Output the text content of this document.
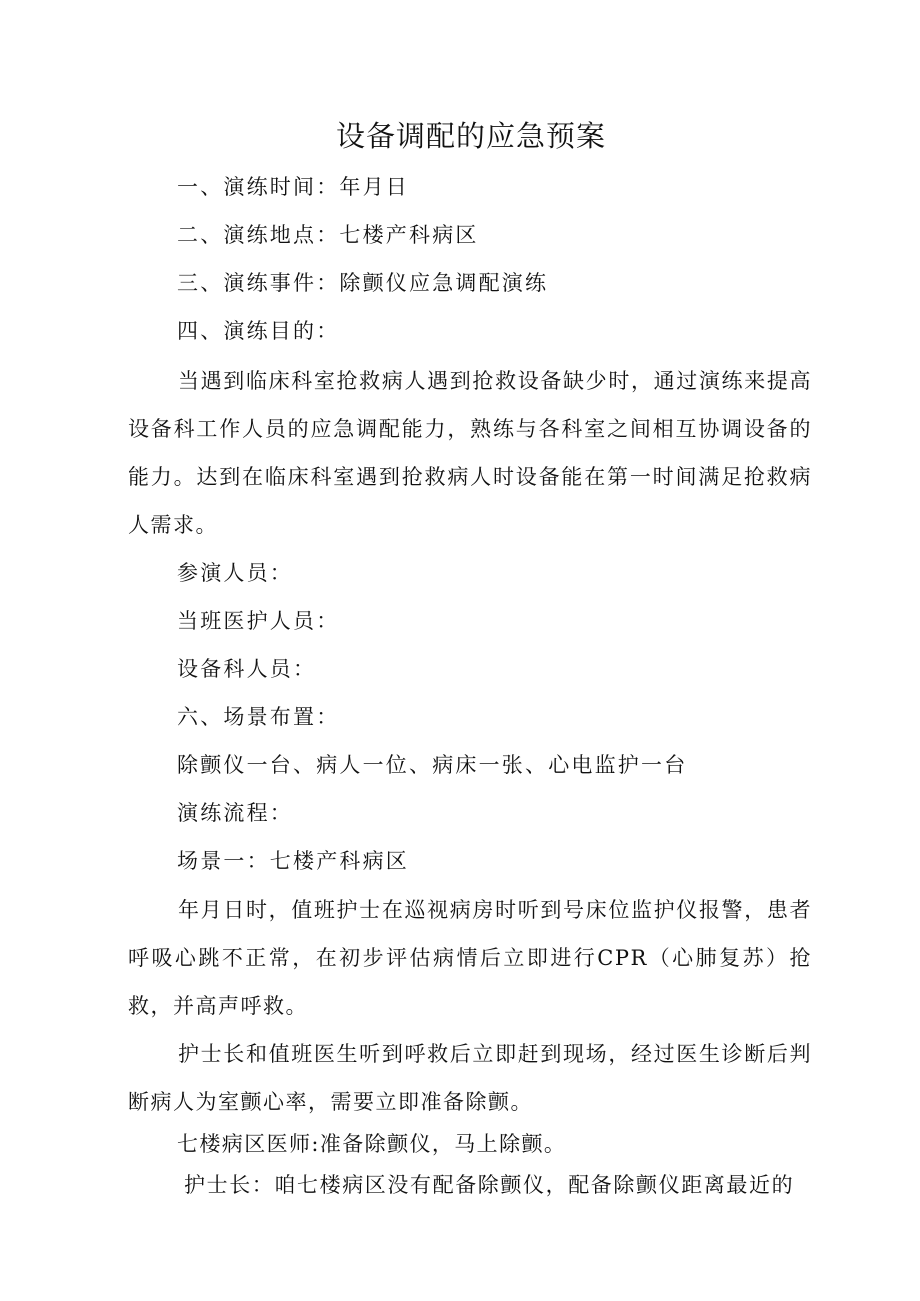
设备调配的应急预案

一、演练时间：年月日

二、演练地点：七楼产科病区

三、演练事件：除颤仪应急调配演练

四、演练目的：

当遇到临床科室抢救病人遇到抢救设备缺少时，通过演练来提高设备科工作人员的应急调配能力，熟练与各科室之间相互协调设备的能力。达到在临床科室遇到抢救病人时设备能在第一时间满足抢救病人需求。

参演人员：

当班医护人员：

设备科人员：

六、场景布置：

除颤仪一台、病人一位、病床一张、心电监护一台

演练流程：

场景一：七楼产科病区

年月日时，值班护士在巡视病房时听到号床位监护仪报警，患者呼吸心跳不正常，在初步评估病情后立即进行CPR（心肺复苏）抢救，并高声呼救。

护士长和值班医生听到呼救后立即赶到现场，经过医生诊断后判断病人为室颤心率，需要立即准备除颤。

七楼病区医师:准备除颤仪，马上除颤。

护士长：咱七楼病区没有配备除颤仪，配备除颤仪距离最近的
